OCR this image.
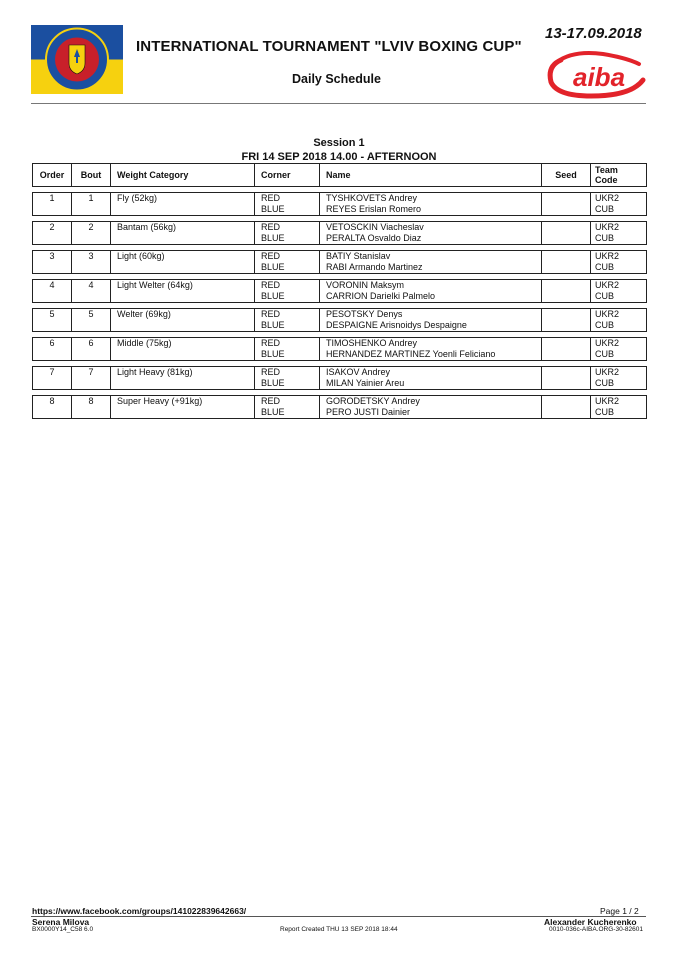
INTERNATIONAL TOURNAMENT "LVIV BOXING CUP"
Daily Schedule
13-17.09.2018
aiba
Session 1
FRI 14 SEP 2018 14.00 - AFTERNOON
Order	Bout	Weight Category	Corner	Name	Seed	Team Code
1	1	Fly (52kg)	RED	TYSHKOVETS Andrey		UKR2
			BLUE	REYES Erislan Romero		CUB
2	2	Bantam (56kg)	RED	VETOSCKIN Viacheslav		UKR2
			BLUE	PERALTA Osvaldo Diaz		CUB
3	3	Light (60kg)	RED	BATIY Stanislav		UKR2
			BLUE	RABI Armando Martinez		CUB
4	4	Light Welter (64kg)	RED	VORONIN Maksym		UKR2
			BLUE	CARRION Darielki Palmelo		CUB
5	5	Welter (69kg)	RED	PESOTSKY Denys		UKR2
			BLUE	DESPAIGNE Arisnoidys Despaigne		CUB
6	6	Middle (75kg)	RED	TIMOSHENKO Andrey		UKR2
			BLUE	HERNANDEZ MARTINEZ Yoenli Feliciano		CUB
7	7	Light Heavy (81kg)	RED	ISAKOV Andrey		UKR2
			BLUE	MILAN Yainier Areu		CUB
8	8	Super Heavy (+91kg)	RED	GORODETSKY Andrey		UKR2
			BLUE	PERO JUSTI Dainier		CUB
https://www.facebook.com/groups/141022839642663/	Page 1 / 2
Serena Milova	Alexander Kucherenko
BX0000Y14_C58 6.0	Report Created THU 13 SEP 2018 18:44	0010-036c-AIBA.ORG-30-82601
